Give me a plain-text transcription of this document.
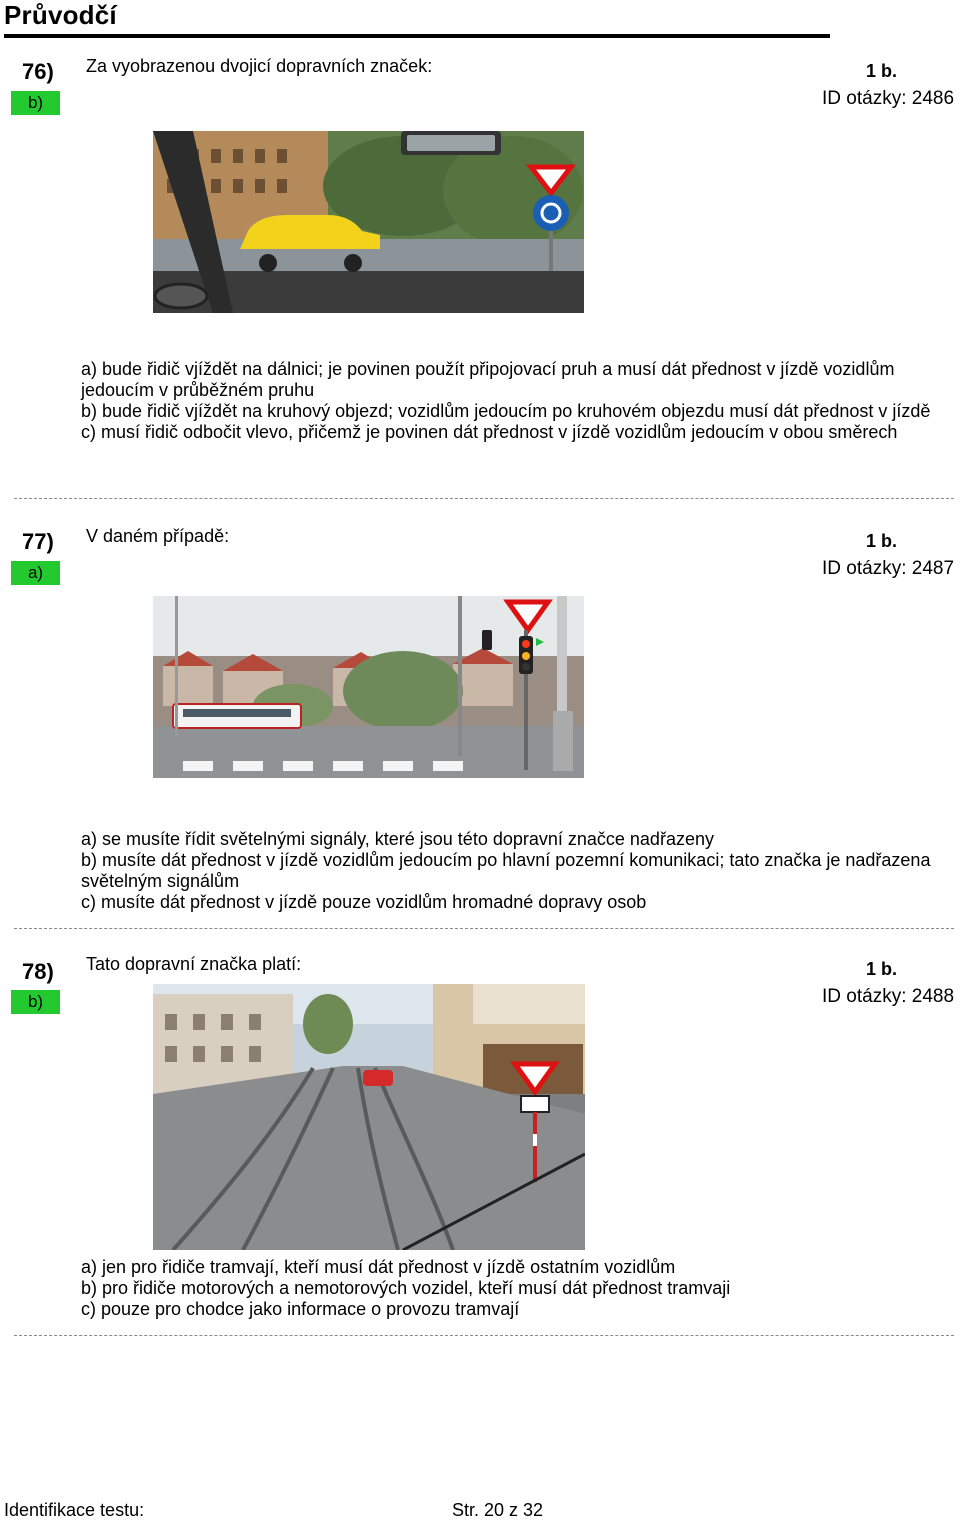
Průvodčí
76)
b)
Za vyobrazenou dvojicí dopravních značek:	1 b.
ID otázky: 2486
a) bude řidič vjíždět na dálnici; je povinen použít připojovací pruh a musí dát přednost v jízdě vozidlům jedoucím v průběžném pruhu
b) bude řidič vjíždět na kruhový objezd; vozidlům jedoucím po kruhovém objezdu musí dát přednost v jízdě
c) musí řidič odbočit vlevo, přičemž je povinen dát přednost v jízdě vozidlům jedoucím v obou směrech
77)
a)
V daném případě:	1 b.
ID otázky: 2487
a) se musíte řídit světelnými signály, které jsou této dopravní značce nadřazeny
b) musíte dát přednost v jízdě vozidlům jedoucím po hlavní pozemní komunikaci; tato značka je nadřazena světelným signálům
c) musíte dát přednost v jízdě pouze vozidlům hromadné dopravy osob
78)
b)
Tato dopravní značka platí:	1 b.
ID otázky: 2488
a) jen pro řidiče tramvají, kteří musí dát přednost v jízdě ostatním vozidlům
b) pro řidiče motorových a nemotorových vozidel, kteří musí dát přednost tramvaji
c) pouze pro chodce jako informace o provozu tramvají
Identifikace testu:	Str. 20 z 32
